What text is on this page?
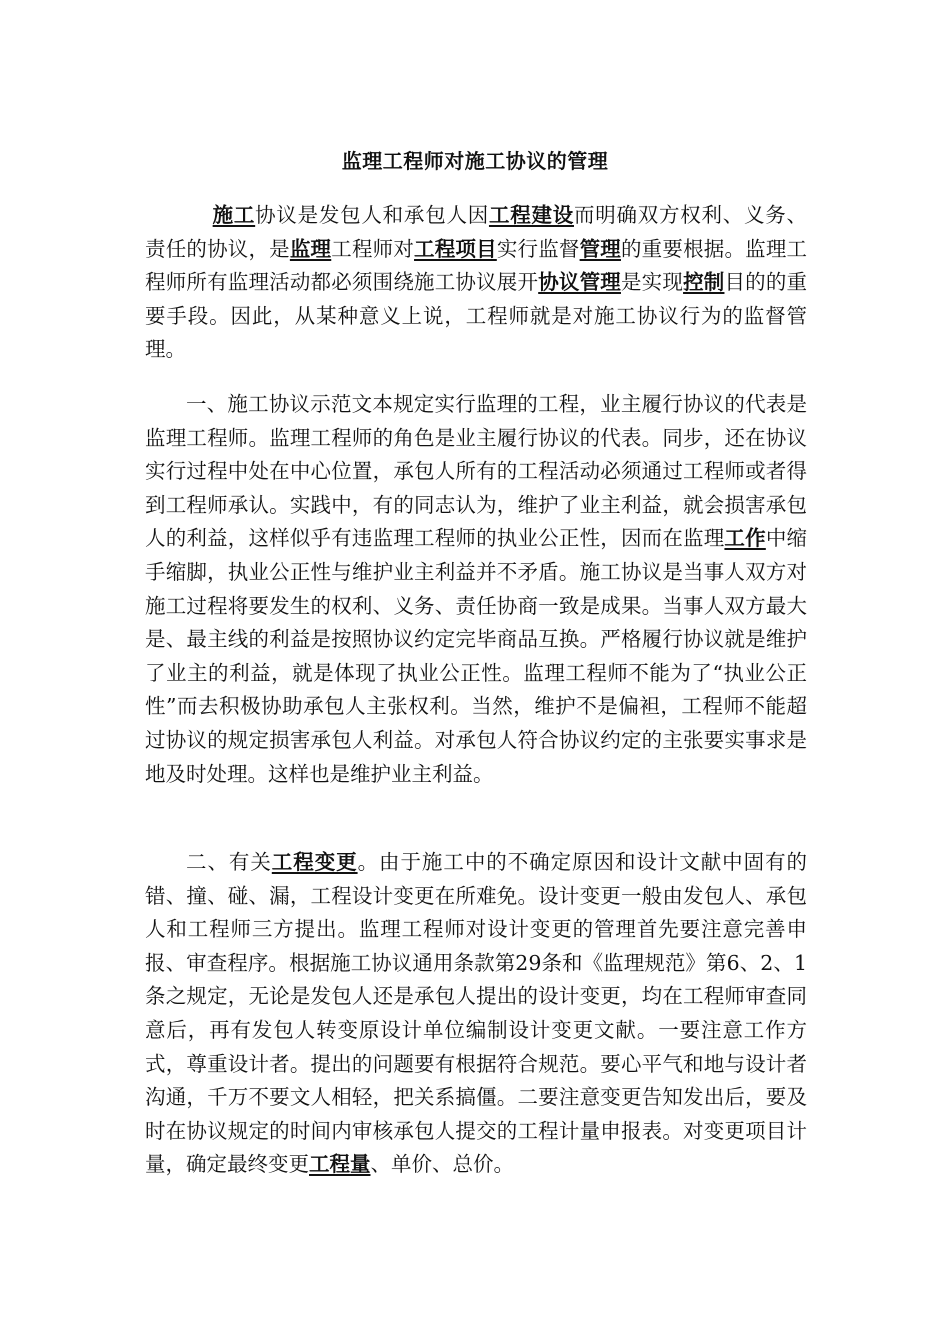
监理工程师对施工协议的管理

施工协议是发包人和承包人因工程建设而明确双方权利、义务、责任的协议，是监理工程师对工程项目实行监督管理的重要根据。监理工程师所有监理活动都必须围绕施工协议展开协议管理是实现控制目的的重要手段。因此，从某种意义上说，工程师就是对施工协议行为的监督管理。

一、施工协议示范文本规定实行监理的工程，业主履行协议的代表是监理工程师。监理工程师的角色是业主履行协议的代表。同步，还在协议实行过程中处在中心位置，承包人所有的工程活动必须通过工程师或者得到工程师承认。实践中，有的同志认为，维护了业主利益，就会损害承包人的利益，这样似乎有违监理工程师的执业公正性，因而在监理工作中缩手缩脚，执业公正性与维护业主利益并不矛盾。施工协议是当事人双方对施工过程将要发生的权利、义务、责任协商一致是成果。当事人双方最大是、最主线的利益是按照协议约定完毕商品互换。严格履行协议就是维护了业主的利益，就是体现了执业公正性。监理工程师不能为了“执业公正性”而去积极协助承包人主张权利。当然，维护不是偏袒，工程师不能超过协议的规定损害承包人利益。对承包人符合协议约定的主张要实事求是地及时处理。这样也是维护业主利益。

二、有关工程变更。由于施工中的不确定原因和设计文献中固有的错、撞、碰、漏，工程设计变更在所难免。设计变更一般由发包人、承包人和工程师三方提出。监理工程师对设计变更的管理首先要注意完善申报、审查程序。根据施工协议通用条款第29条和《监理规范》第6、2、1条之规定，无论是发包人还是承包人提出的设计变更，均在工程师审查同意后，再有发包人转变原设计单位编制设计变更文献。一要注意工作方式，尊重设计者。提出的问题要有根据符合规范。要心平气和地与设计者沟通，千万不要文人相轻，把关系搞僵。二要注意变更告知发出后，要及时在协议规定的时间内审核承包人提交的工程计量申报表。对变更项目计量，确定最终变更工程量、单价、总价。
